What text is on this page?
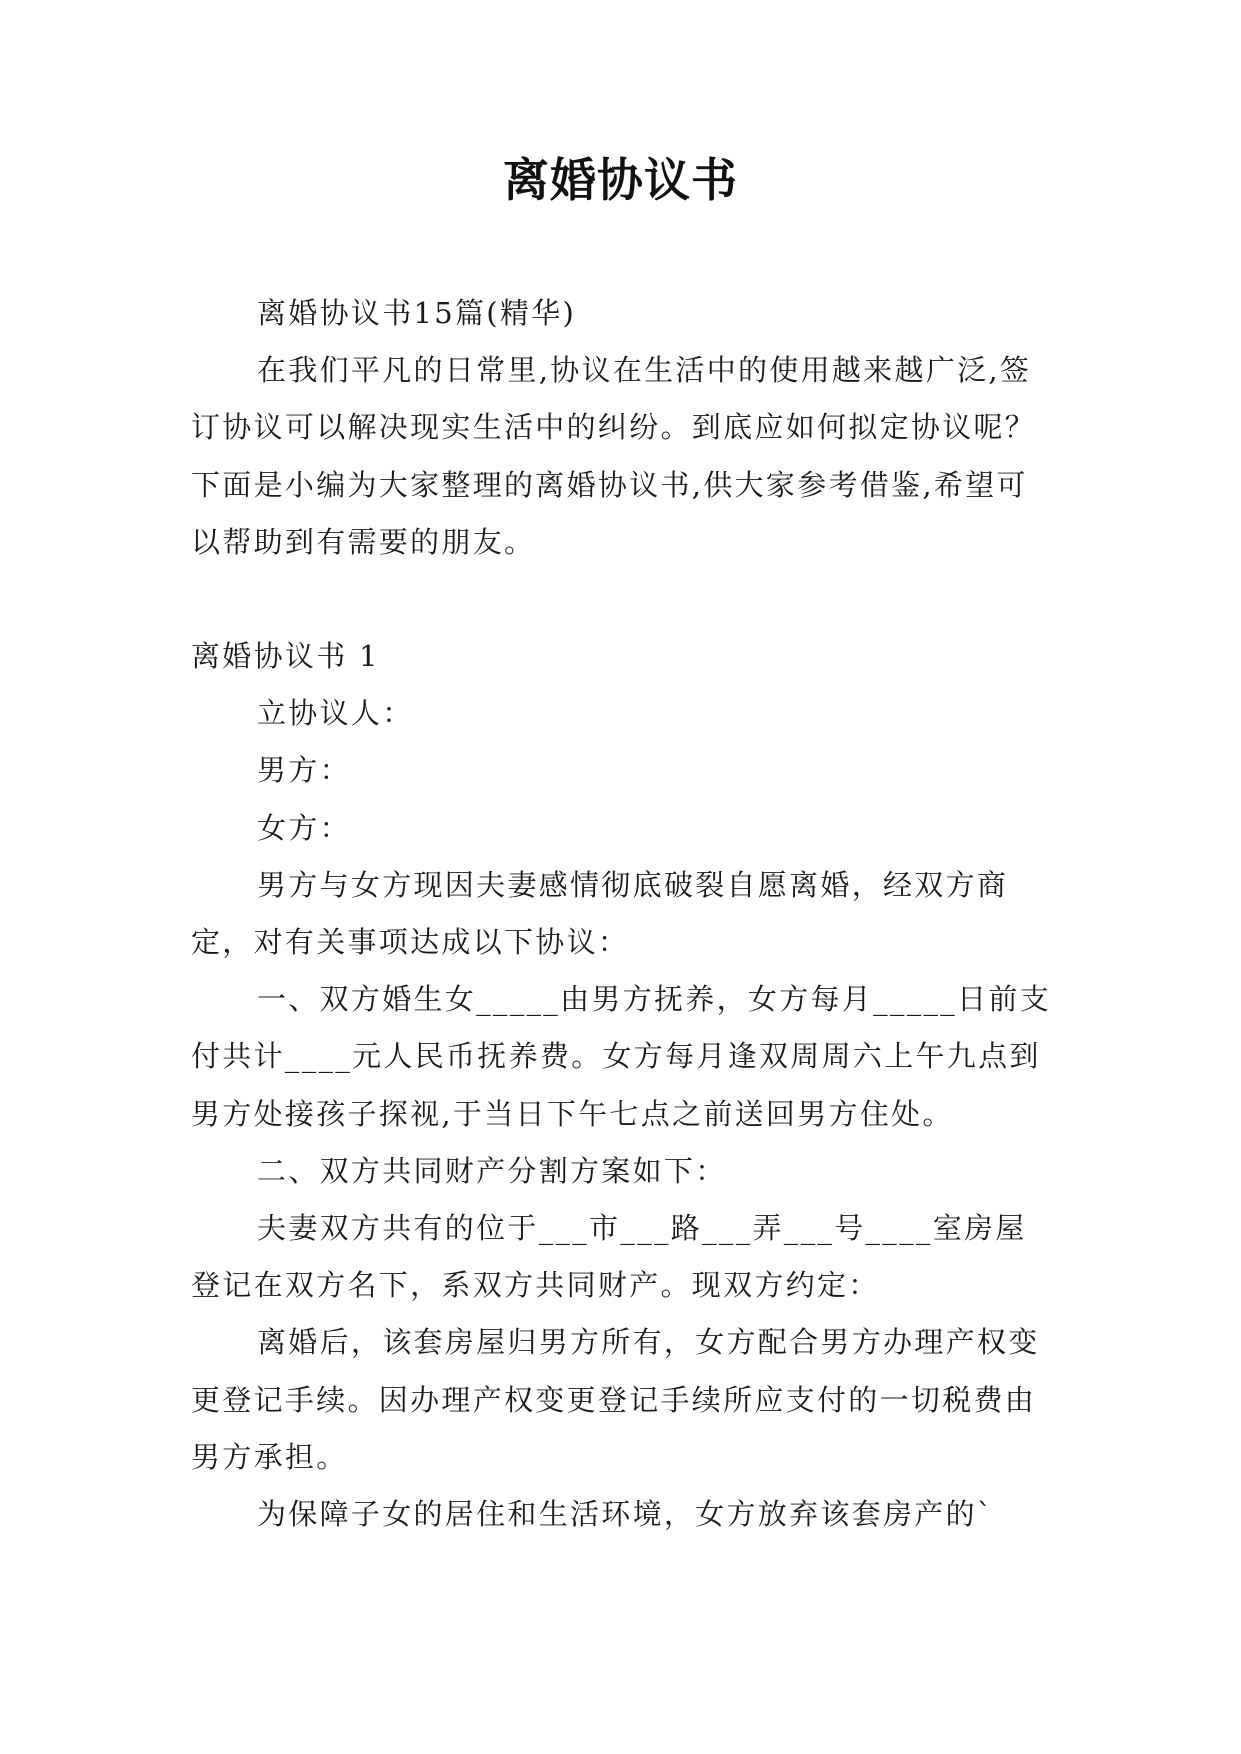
离婚协议书

离婚协议书15篇(精华)

在我们平凡的日常里,协议在生活中的使用越来越广泛,签订协议可以解决现实生活中的纠纷。到底应如何拟定协议呢？下面是小编为大家整理的离婚协议书,供大家参考借鉴,希望可以帮助到有需要的朋友。

离婚协议书 1

立协议人：

男方：

女方：

男方与女方现因夫妻感情彻底破裂自愿离婚，经双方商定，对有关事项达成以下协议：

一、双方婚生女_____由男方抚养，女方每月_____日前支付共计____元人民币抚养费。女方每月逢双周周六上午九点到男方处接孩子探视,于当日下午七点之前送回男方住处。

二、双方共同财产分割方案如下：

夫妻双方共有的位于___市___路___弄___号____室房屋登记在双方名下，系双方共同财产。现双方约定：

离婚后，该套房屋归男方所有，女方配合男方办理产权变更登记手续。因办理产权变更登记手续所应支付的一切税费由男方承担。

为保障子女的居住和生活环境，女方放弃该套房产的`
